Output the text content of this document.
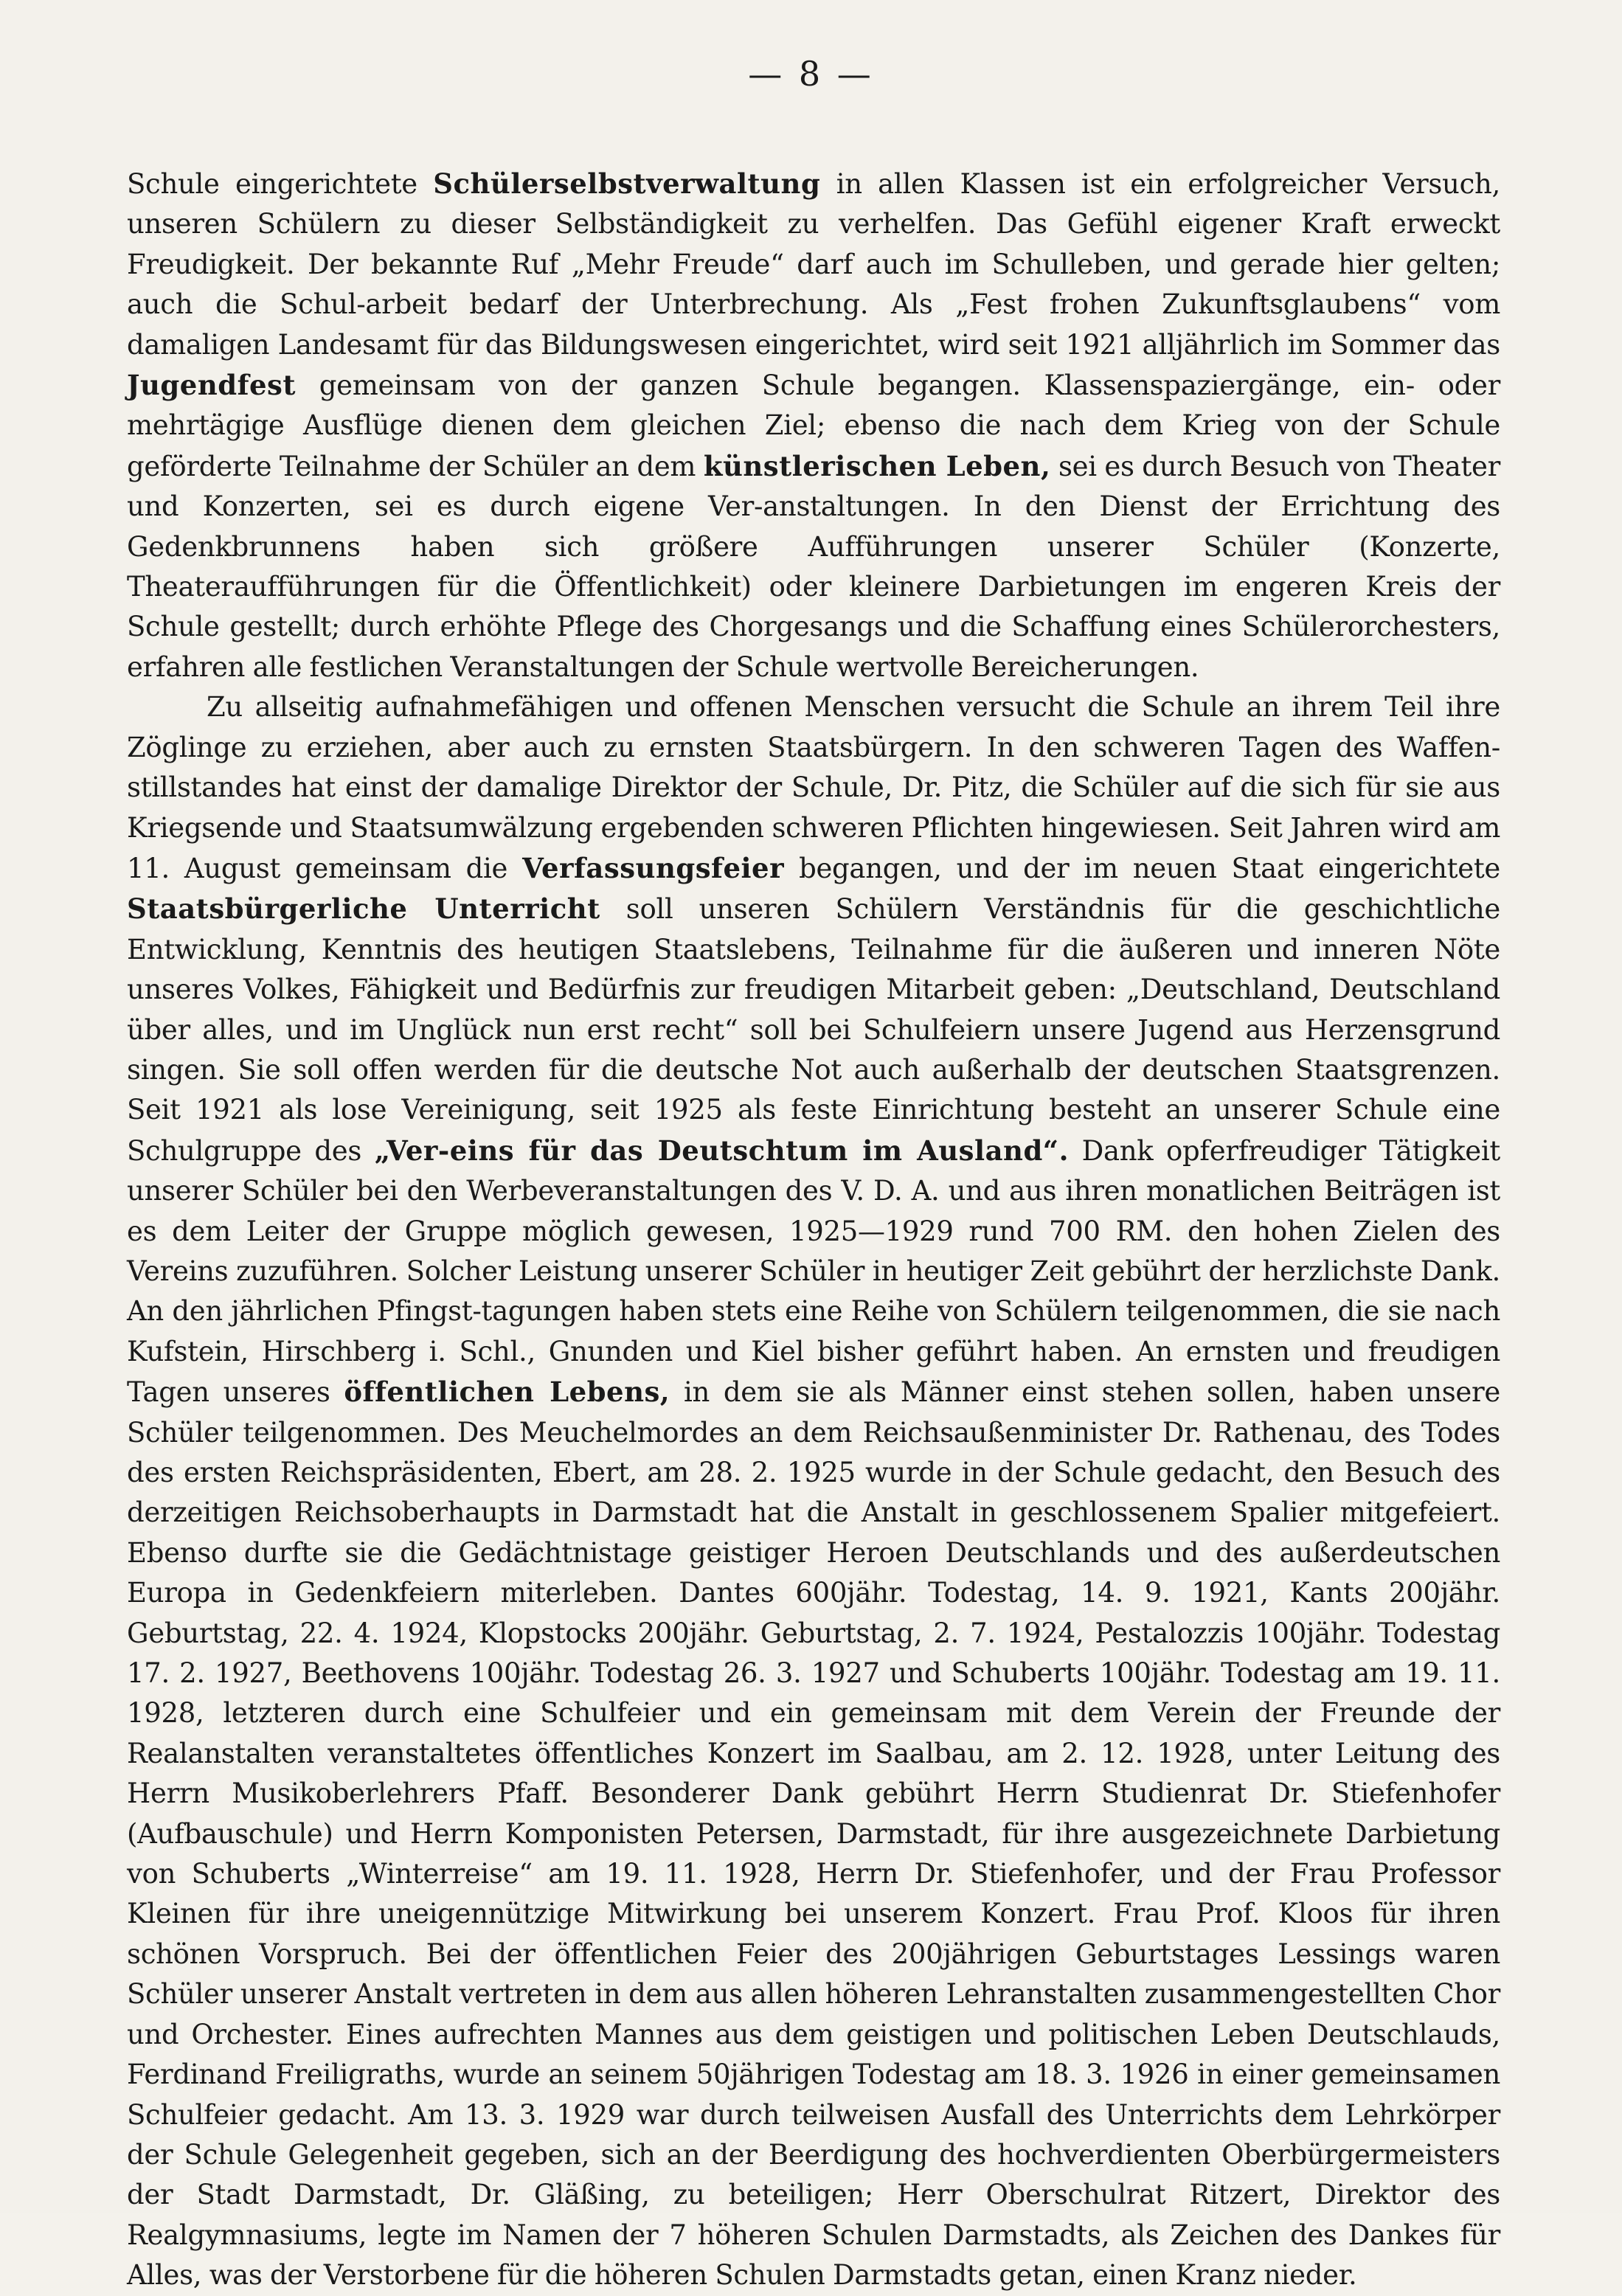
— 8 —

Schule eingerichtete Schülerselbstverwaltung in allen Klassen ist ein erfolgreicher Versuch, unseren Schülern zu dieser Selbständigkeit zu verhelfen. Das Gefühl eigener Kraft erweckt Freudigkeit. Der bekannte Ruf „Mehr Freude“ darf auch im Schulleben, und gerade hier gelten; auch die Schul-arbeit bedarf der Unterbrechung. Als „Fest frohen Zukunftsglaubens“ vom damaligen Landesamt für das Bildungswesen eingerichtet, wird seit 1921 alljährlich im Sommer das Jugendfest gemeinsam von der ganzen Schule begangen. Klassenspaziergänge, ein- oder mehrtägige Ausflüge dienen dem gleichen Ziel; ebenso die nach dem Krieg von der Schule geförderte Teilnahme der Schüler an dem künstlerischen Leben, sei es durch Besuch von Theater und Konzerten, sei es durch eigene Ver-anstaltungen. In den Dienst der Errichtung des Gedenkbrunnens haben sich größere Aufführungen unserer Schüler (Konzerte, Theateraufführungen für die Öffentlichkeit) oder kleinere Darbietungen im engeren Kreis der Schule gestellt; durch erhöhte Pflege des Chorgesangs und die Schaffung eines Schülerorchesters, erfahren alle festlichen Veranstaltungen der Schule wertvolle Bereicherungen.

Zu allseitig aufnahmefähigen und offenen Menschen versucht die Schule an ihrem Teil ihre Zöglinge zu erziehen, aber auch zu ernsten Staatsbürgern. In den schweren Tagen des Waffen-stillstandes hat einst der damalige Direktor der Schule, Dr. Pitz, die Schüler auf die sich für sie aus Kriegsende und Staatsumwälzung ergebenden schweren Pflichten hingewiesen. Seit Jahren wird am 11. August gemeinsam die Verfassungsfeier begangen, und der im neuen Staat eingerichtete Staatsbürgerliche Unterricht soll unseren Schülern Verständnis für die geschichtliche Entwicklung, Kenntnis des heutigen Staatslebens, Teilnahme für die äußeren und inneren Nöte unseres Volkes, Fähigkeit und Bedürfnis zur freudigen Mitarbeit geben: „Deutschland, Deutschland über alles, und im Unglück nun erst recht“ soll bei Schulfeiern unsere Jugend aus Herzensgrund singen. Sie soll offen werden für die deutsche Not auch außerhalb der deutschen Staatsgrenzen. Seit 1921 als lose Vereinigung, seit 1925 als feste Einrichtung besteht an unserer Schule eine Schulgruppe des „Ver-eins für das Deutschtum im Ausland“. Dank opferfreudiger Tätigkeit unserer Schüler bei den Werbeveranstaltungen des V. D. A. und aus ihren monatlichen Beiträgen ist es dem Leiter der Gruppe möglich gewesen, 1925—1929 rund 700 RM. den hohen Zielen des Vereins zuzuführen. Solcher Leistung unserer Schüler in heutiger Zeit gebührt der herzlichste Dank. An den jährlichen Pfingst-tagungen haben stets eine Reihe von Schülern teilgenommen, die sie nach Kufstein, Hirschberg i. Schl., Gnunden und Kiel bisher geführt haben. An ernsten und freudigen Tagen unseres öffentlichen Lebens, in dem sie als Männer einst stehen sollen, haben unsere Schüler teilgenommen. Des Meuchelmordes an dem Reichsaußenminister Dr. Rathenau, des Todes des ersten Reichspräsidenten, Ebert, am 28. 2. 1925 wurde in der Schule gedacht, den Besuch des derzeitigen Reichsoberhaupts in Darmstadt hat die Anstalt in geschlossenem Spalier mitgefeiert. Ebenso durfte sie die Gedächtnistage geistiger Heroen Deutschlands und des außerdeutschen Europa in Gedenkfeiern miterleben. Dantes 600jähr. Todestag, 14. 9. 1921, Kants 200jähr. Geburtstag, 22. 4. 1924, Klopstocks 200jähr. Geburtstag, 2. 7. 1924, Pestalozzis 100jähr. Todestag 17. 2. 1927, Beethovens 100jähr. Todestag 26. 3. 1927 und Schuberts 100jähr. Todestag am 19. 11. 1928, letzteren durch eine Schulfeier und ein gemeinsam mit dem Verein der Freunde der Realanstalten veranstaltetes öffentliches Konzert im Saalbau, am 2. 12. 1928, unter Leitung des Herrn Musikoberlehrers Pfaff. Besonderer Dank gebührt Herrn Studienrat Dr. Stiefenhofer (Aufbauschule) und Herrn Komponisten Petersen, Darmstadt, für ihre ausgezeichnete Darbietung von Schuberts „Winterreise“ am 19. 11. 1928, Herrn Dr. Stiefenhofer, und der Frau Professor Kleinen für ihre uneigennützige Mitwirkung bei unserem Konzert. Frau Prof. Kloos für ihren schönen Vorspruch. Bei der öffentlichen Feier des 200jährigen Geburtstages Lessings waren Schüler unserer Anstalt vertreten in dem aus allen höheren Lehranstalten zusammengestellten Chor und Orchester. Eines aufrechten Mannes aus dem geistigen und politischen Leben Deutschlauds, Ferdinand Freiligraths, wurde an seinem 50jährigen Todestag am 18. 3. 1926 in einer gemeinsamen Schulfeier gedacht. Am 13. 3. 1929 war durch teilweisen Ausfall des Unterrichts dem Lehrkörper der Schule Gelegenheit gegeben, sich an der Beerdigung des hochverdienten Oberbürgermeisters der Stadt Darmstadt, Dr. Gläßing, zu beteiligen; Herr Oberschulrat Ritzert, Direktor des Realgymnasiums, legte im Namen der 7 höheren Schulen Darmstadts, als Zeichen des Dankes für Alles, was der Verstorbene für die höheren Schulen Darmstadts getan, einen Kranz nieder.
